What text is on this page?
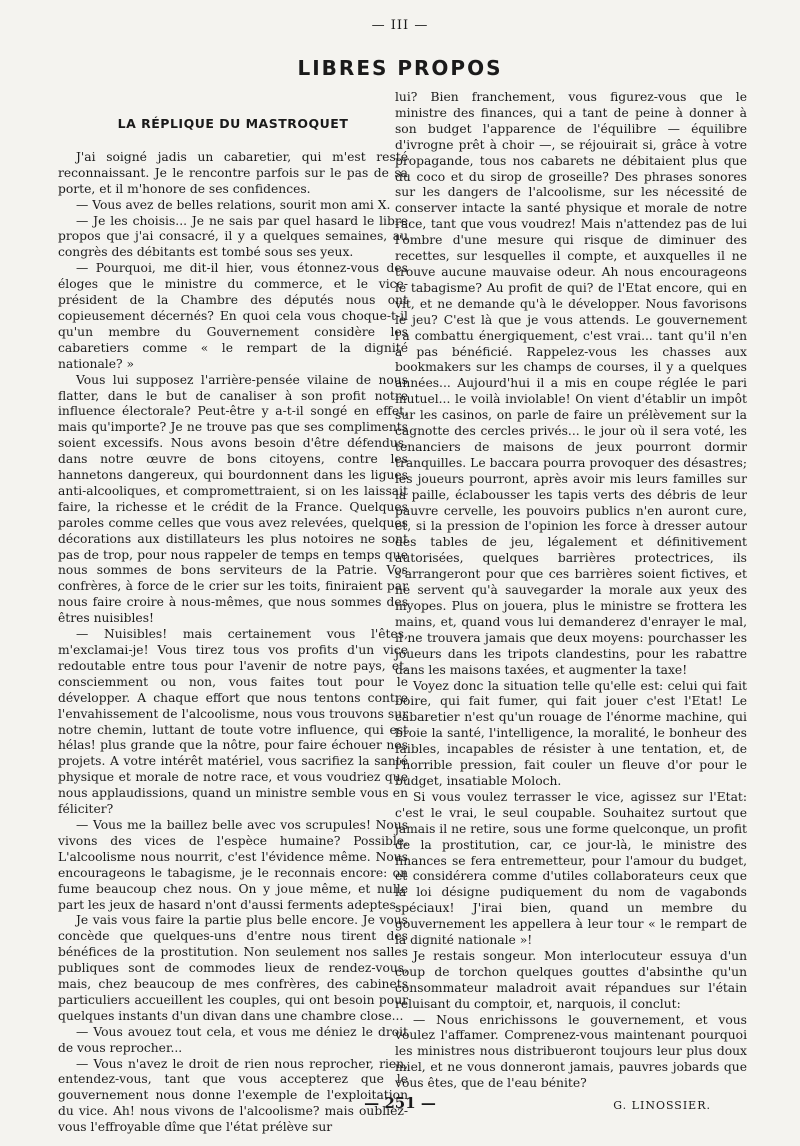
— III —
LIBRES PROPOS
LA RÉPLIQUE DU MASTROQUET

J'ai soigné jadis un cabaretier, qui m'est resté reconnaissant. Je le rencontre parfois sur le pas de sa porte, et il m'honore de ses confidences.

— Vous avez de belles relations, sourit mon ami X.

— Je les choisis... Je ne sais par quel hasard le libre propos que j'ai consacré, il y a quelques semaines, au congrès des débitants est tombé sous ses yeux.

— Pourquoi, me dit-il hier, vous étonnez-vous des éloges que le ministre du commerce, et le vice-président de la Chambre des députés nous ont copieusement décernés? En quoi cela vous choque-t-il qu'un membre du Gouvernement considère les cabaretiers comme « le rempart de la dignité nationale? »

Vous lui supposez l'arrière-pensée vilaine de nous flatter, dans le but de canaliser à son profit notre influence électorale? Peut-être y a-t-il songé en effet, mais qu'importe? Je ne trouve pas que ses compliments soient excessifs. Nous avons besoin d'être défendus, dans notre œuvre de bons citoyens, contre les hannetons dangereux, qui bourdonnent dans les ligues anti-alcooliques, et compromettraient, si on les laissait faire, la richesse et le crédit de la France. Quelques paroles comme celles que vous avez relevées, quelques décorations aux distillateurs les plus notoires ne sont pas de trop, pour nous rappeler de temps en temps que nous sommes de bons serviteurs de la Patrie. Vos confrères, à force de le crier sur les toits, finiraient par nous faire croire à nous-mêmes, que nous sommes des êtres nuisibles!

— Nuisibles! mais certainement vous l'êtes, m'exclamai-je! Vous tirez tous vos profits d'un vice redoutable entre tous pour l'avenir de notre pays, et, consciemment ou non, vous faites tout pour le développer. A chaque effort que nous tentons contre l'envahissement de l'alcoolisme, nous vous trouvons sur notre chemin, luttant de toute votre influence, qui est hélas! plus grande que la nôtre, pour faire échouer nos projets. A votre intérêt matériel, vous sacrifiez la santé physique et morale de notre race, et vous voudriez que nous applaudissions, quand un ministre semble vous en féliciter?

— Vous me la baillez belle avec vos scrupules! Nous vivons des vices de l'espèce humaine? Possible. L'alcoolisme nous nourrit, c'est l'évidence même. Nous encourageons le tabagisme, je le reconnais encore: on fume beaucoup chez nous. On y joue même, et nulle part les jeux de hasard n'ont d'aussi ferments adeptes.

Je vais vous faire la partie plus belle encore. Je vous concède que quelques-uns d'entre nous tirent des bénéfices de la prostitution. Non seulement nos salles publiques sont de commodes lieux de rendez-vous, mais, chez beaucoup de mes confrères, des cabinets particuliers accueillent les couples, qui ont besoin pour quelques instants d'un divan dans une chambre close...

— Vous avouez tout cela, et vous me déniez le droit de vous reprocher...

— Vous n'avez le droit de rien nous reprocher, rien, entendez-vous, tant que vous accepterez que le gouvernement nous donne l'exemple de l'exploitation du vice. Ah! nous vivons de l'alcoolisme? mais oubliez-vous l'effroyable dîme que l'état prélève sur

lui? Bien franchement, vous figurez-vous que le ministre des finances, qui a tant de peine à donner à son budget l'apparence de l'équilibre — équilibre d'ivrogne prêt à choir —, se réjouirait si, grâce à votre propagande, tous nos cabarets ne débitaient plus que du coco et du sirop de groseille? Des phrases sonores sur les dangers de l'alcoolisme, sur les nécessité de conserver intacte la santé physique et morale de notre race, tant que vous voudrez! Mais n'attendez pas de lui l'ombre d'une mesure qui risque de diminuer des recettes, sur lesquelles il compte, et auxquelles il ne trouve aucune mauvaise odeur. Ah nous encourageons le tabagisme? Au profit de qui? de l'Etat encore, qui en vit, et ne demande qu'à le développer. Nous favorisons le jeu? C'est là que je vous attends. Le gouvernement l'a combattu énergiquement, c'est vrai... tant qu'il n'en a pas bénéficié. Rappelez-vous les chasses aux bookmakers sur les champs de courses, il y a quelques années... Aujourd'hui il a mis en coupe réglée le pari mutuel... le voilà inviolable! On vient d'établir un impôt sur les casinos, on parle de faire un prélèvement sur la cagnotte des cercles privés... le jour où il sera voté, les tenanciers de maisons de jeux pourront dormir tranquilles. Le baccara pourra provoquer des désastres; les joueurs pourront, après avoir mis leurs familles sur la paille, éclabousser les tapis verts des débris de leur pauvre cervelle, les pouvoirs publics n'en auront cure, et, si la pression de l'opinion les force à dresser autour des tables de jeu, légalement et définitivement autorisées, quelques barrières protectrices, ils s'arrangeront pour que ces barrières soient fictives, et ne servent qu'à sauvegarder la morale aux yeux des myopes. Plus on jouera, plus le ministre se frottera les mains, et, quand vous lui demanderez d'enrayer le mal, il ne trouvera jamais que deux moyens: pourchasser les joueurs dans les tripots clandestins, pour les rabattre dans les maisons taxées, et augmenter la taxe!

Voyez donc la situation telle qu'elle est: celui qui fait boire, qui fait fumer, qui fait jouer c'est l'Etat! Le cabaretier n'est qu'un rouage de l'énorme machine, qui broie la santé, l'intelligence, la moralité, le bonheur des faibles, incapables de résister à une tentation, et, de l'horrible pression, fait couler un fleuve d'or pour le budget, insatiable Moloch.

Si vous voulez terrasser le vice, agissez sur l'Etat: c'est le vrai, le seul coupable. Souhaitez surtout que jamais il ne retire, sous une forme quelconque, un profit de la prostitution, car, ce jour-là, le ministre des finances se fera entremetteur, pour l'amour du budget, et considérera comme d'utiles collaborateurs ceux que la loi désigne pudiquement du nom de vagabonds spéciaux! J'irai bien, quand un membre du gouvernement les appellera à leur tour « le rempart de la dignité nationale »!

Je restais songeur. Mon interlocuteur essuya d'un coup de torchon quelques gouttes d'absinthe qu'un consommateur maladroit avait répandues sur l'étain reluisant du comptoir, et, narquois, il conclut:

— Nous enrichissons le gouvernement, et vous voulez l'affamer. Comprenez-vous maintenant pourquoi les ministres nous distribueront toujours leur plus doux miel, et ne vous donneront jamais, pauvres jobards que vous êtes, que de l'eau bénite?

G. LINOSSIER.
— 251 —
